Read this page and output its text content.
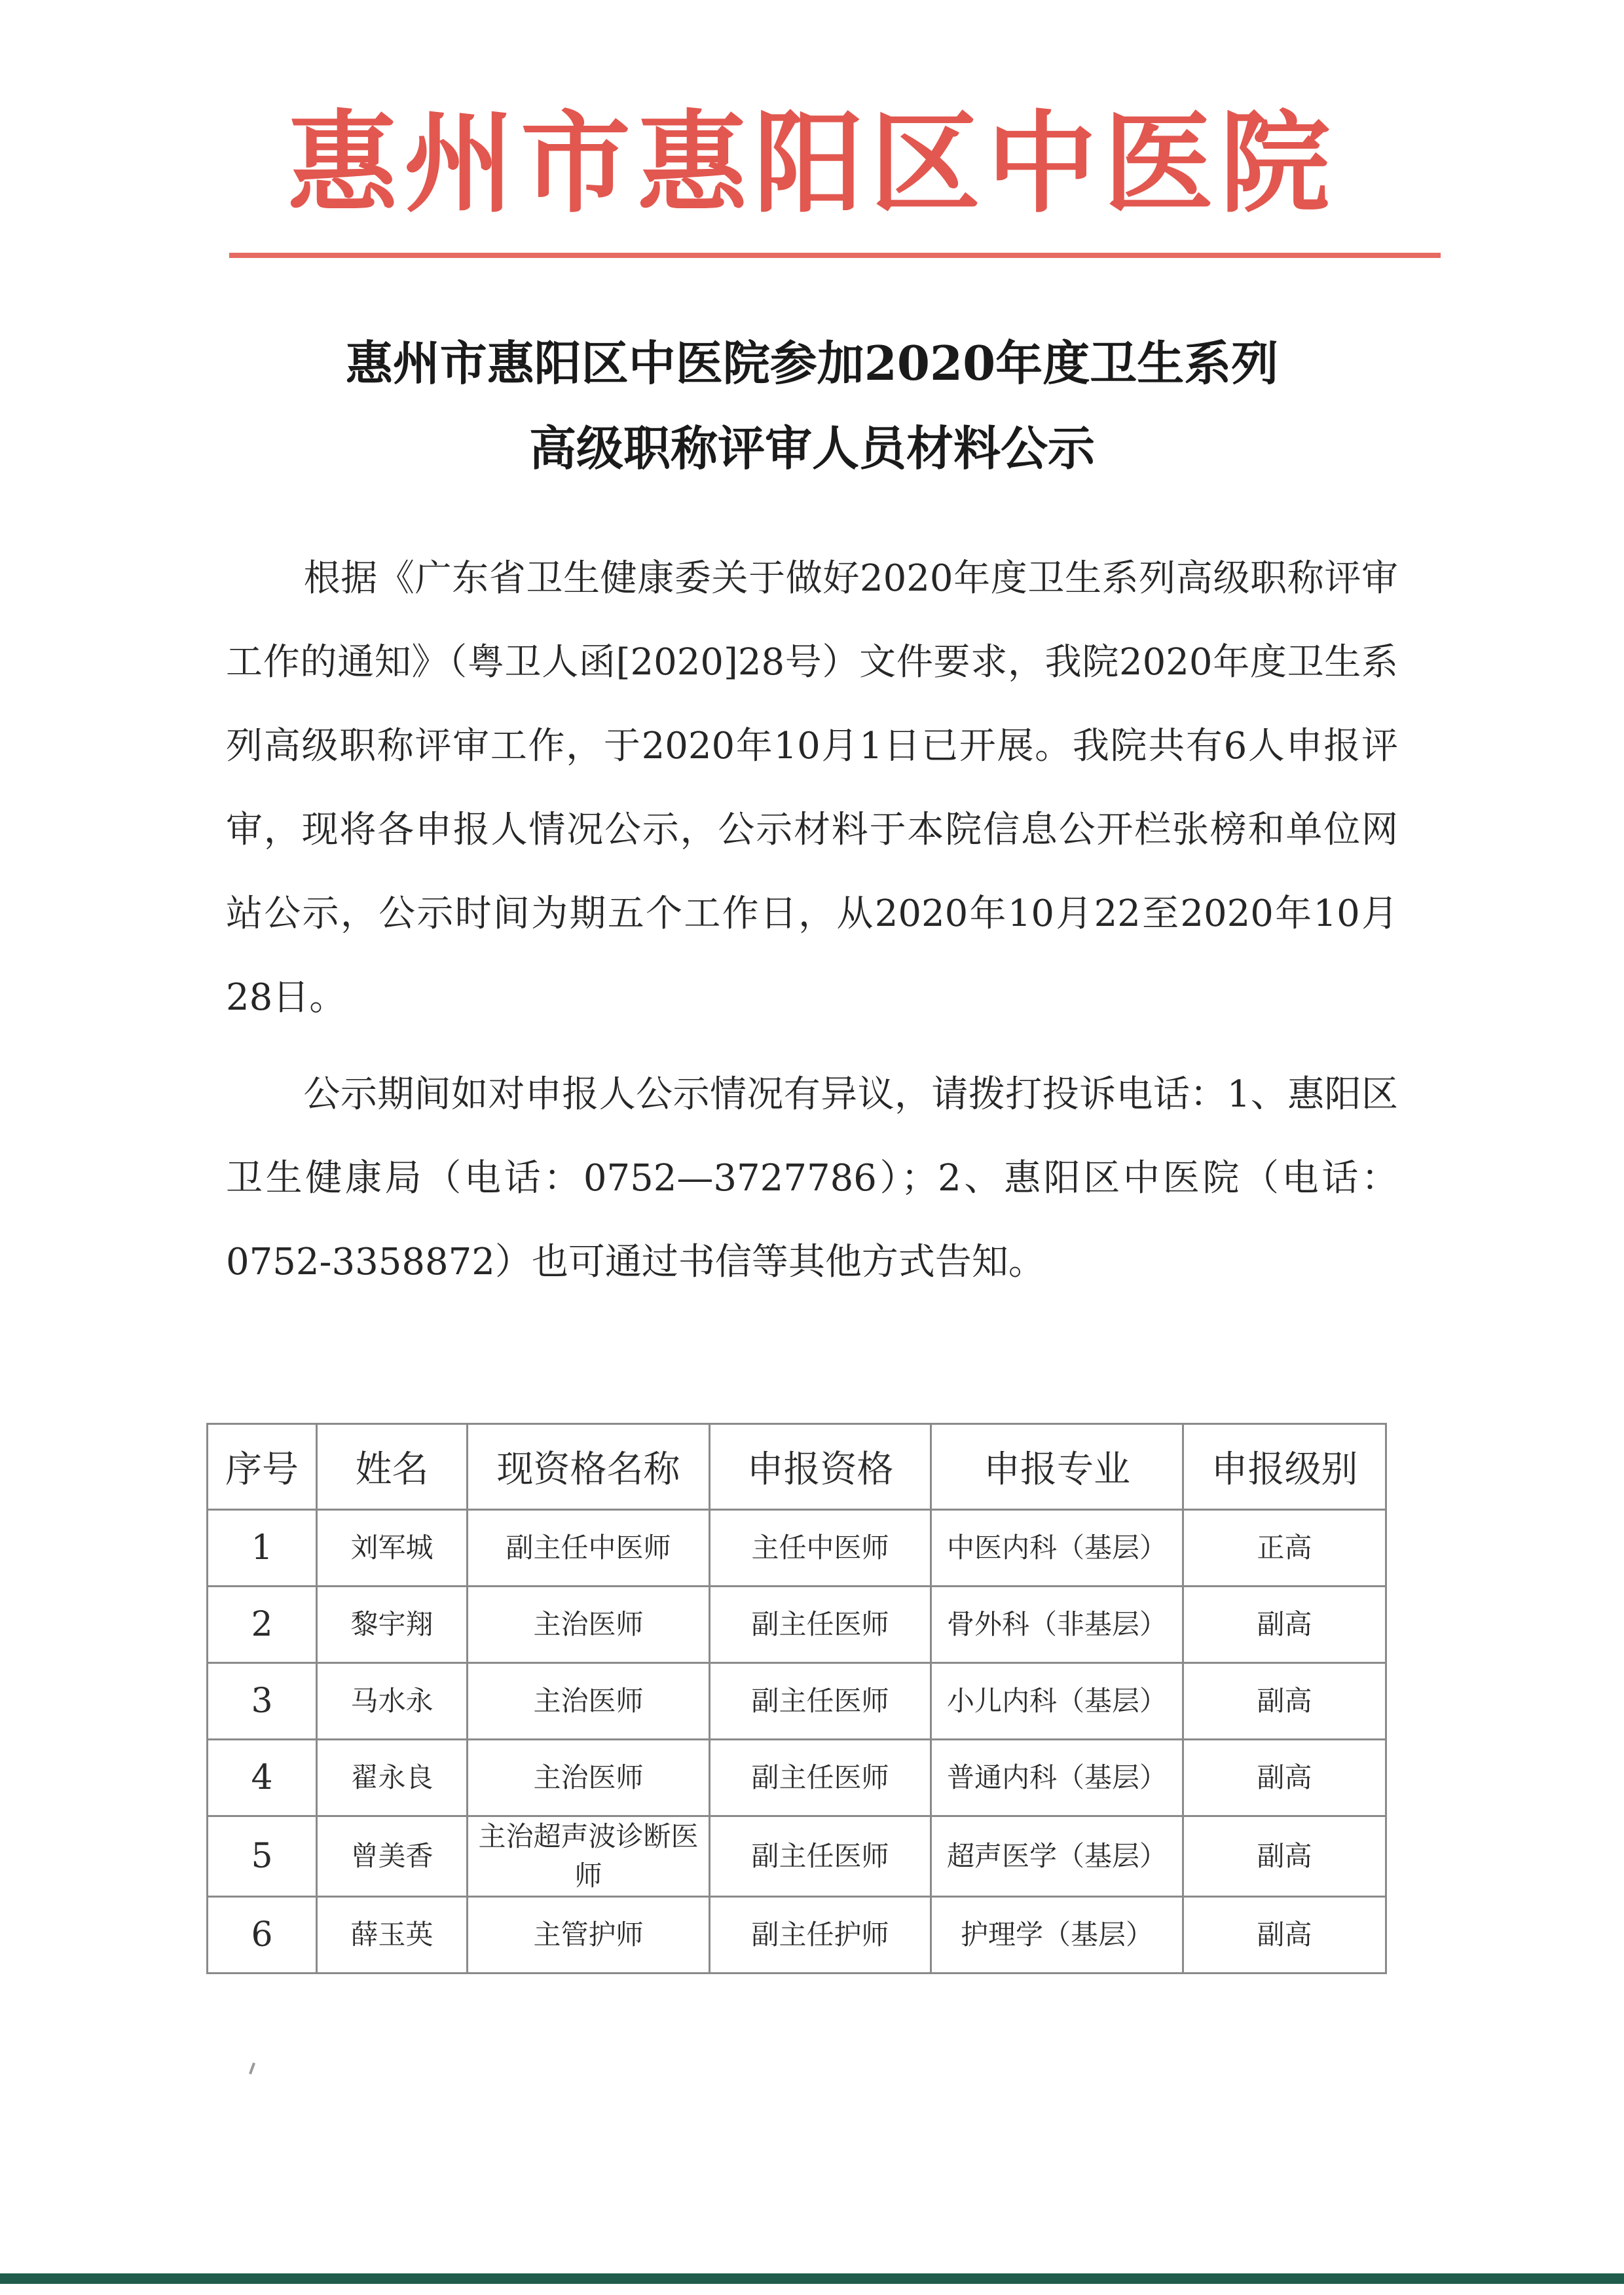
惠州市惠阳区中医院
惠州市惠阳区中医院参加2020年度卫生系列
高级职称评审人员材料公示
根据《广东省卫生健康委关于做好2020年度卫生系列高级职称评审工作的通知》（粤卫人函[2020]28号）文件要求，我院2020年度卫生系列高级职称评审工作，于2020年10月1日已开展。我院共有6人申报评审，现将各申报人情况公示，公示材料于本院信息公开栏张榜和单位网站公示，公示时间为期五个工作日，从2020年10月22至2020年10月28日。
公示期间如对申报人公示情况有异议，请拨打投诉电话：1、惠阳区卫生健康局（电话：0752—3727786）；2、惠阳区中医院（电话：0752-3358872）也可通过书信等其他方式告知。
序号	姓名	现资格名称	申报资格	申报专业	申报级别
1	刘军城	副主任中医师	主任中医师	中医内科（基层）	正高
2	黎宇翔	主治医师	副主任医师	骨外科（非基层）	副高
3	马水永	主治医师	副主任医师	小儿内科（基层）	副高
4	翟永良	主治医师	副主任医师	普通内科（基层）	副高
5	曾美香	主治超声波诊断医师	副主任医师	超声医学（基层）	副高
6	薛玉英	主管护师	副主任护师	护理学（基层）	副高
